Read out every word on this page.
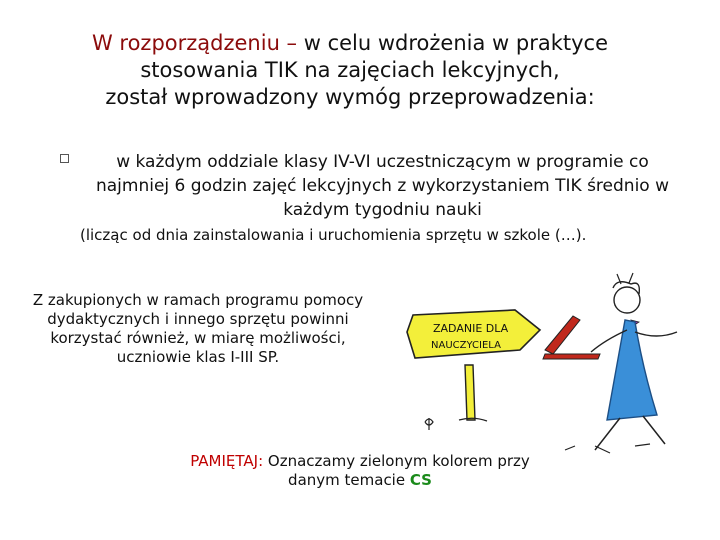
W rozporządzeniu – w celu wdrożenia w praktyce
stosowania TIK na zajęciach lekcyjnych,
został wprowadzony wymóg przeprowadzenia:
w każdym oddziale klasy IV-VI uczestniczącym w programie co najmniej 6 godzin zajęć lekcyjnych z wykorzystaniem TIK średnio w każdym tygodniu nauki
(licząc od dnia zainstalowania i uruchomienia sprzętu w szkole (…).
Z zakupionych w ramach programu pomocy dydaktycznych i innego sprzętu powinni korzystać również, w miarę możliwości, uczniowie klas I-III SP.
ZADANIE DLA
NAUCZYCIELA
PAMIĘTAJ: Oznaczamy zielonym kolorem przy danym temacie CS
